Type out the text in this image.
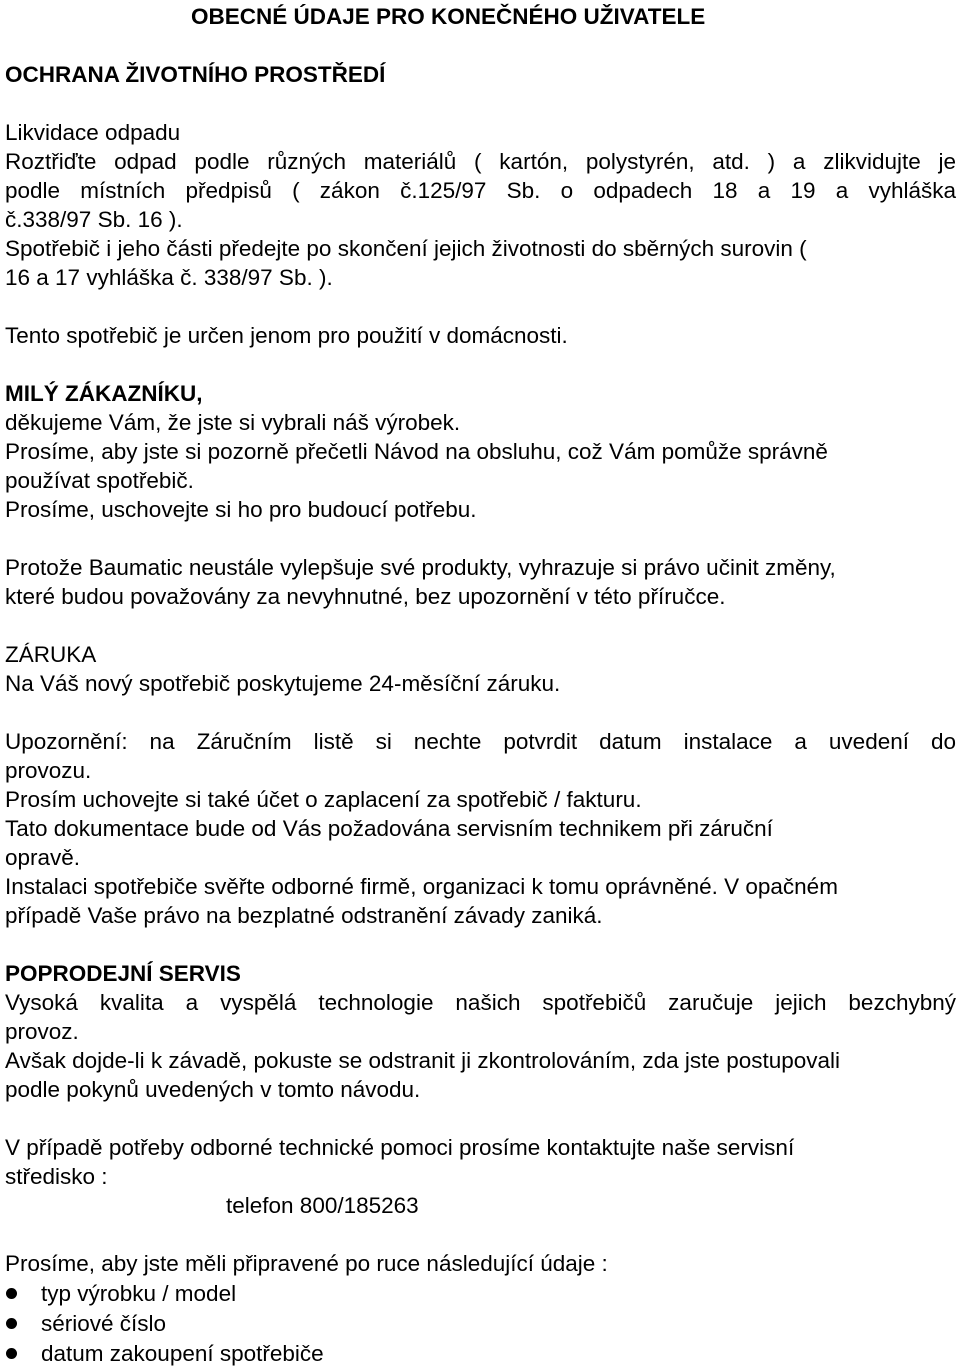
OBECNÉ ÚDAJE PRO KONEČNÉHO UŽIVATELE
OCHRANA ŽIVOTNÍHO PROSTŘEDÍ
Likvidace odpadu
Roztřiďte odpad podle různých materiálů ( kartón, polystyrén, atd. ) a zlikvidujte je
podle místních předpisů ( zákon č.125/97 Sb. o odpadech 18 a 19 a vyhláška
č.338/97 Sb. 16 ).
Spotřebič i jeho části předejte po skončení jejich životnosti do sběrných surovin (
16 a 17 vyhláška č. 338/97 Sb. ).
Tento spotřebič je určen jenom pro použití v domácnosti.
MILÝ ZÁKAZNÍKU,
děkujeme Vám, že jste si vybrali náš výrobek.
Prosíme, aby jste si pozorně přečetli Návod na obsluhu, což Vám pomůže správně
používat spotřebič.
Prosíme, uschovejte si ho pro budoucí potřebu.
Protože Baumatic neustále vylepšuje své produkty, vyhrazuje si právo učinit změny,
které budou považovány za nevyhnutné, bez upozornění v této příručce.
ZÁRUKA
Na Váš nový spotřebič poskytujeme 24-měsíční záruku.
Upozornění: na Záručním listě si nechte potvrdit datum instalace a uvedení do
provozu.
Prosím uchovejte si také účet o zaplacení za spotřebič / fakturu.
Tato dokumentace bude od Vás požadována servisním technikem při záruční
opravě.
Instalaci spotřebiče svěřte odborné firmě, organizaci k tomu oprávněné. V opačném
případě Vaše právo na bezplatné odstranění závady zaniká.
POPRODEJNÍ SERVIS
Vysoká kvalita a vyspělá technologie našich spotřebičů zaručuje jejich bezchybný
provoz.
Avšak dojde-li k závadě, pokuste se odstranit ji zkontrolováním, zda jste postupovali
podle pokynů uvedených v tomto návodu.
V případě potřeby odborné technické pomoci prosíme kontaktujte naše servisní
středisko :
telefon 800/185263
Prosíme, aby jste měli připravené po ruce následující údaje :
typ výrobku / model
sériové číslo
datum zakoupení spotřebiče
